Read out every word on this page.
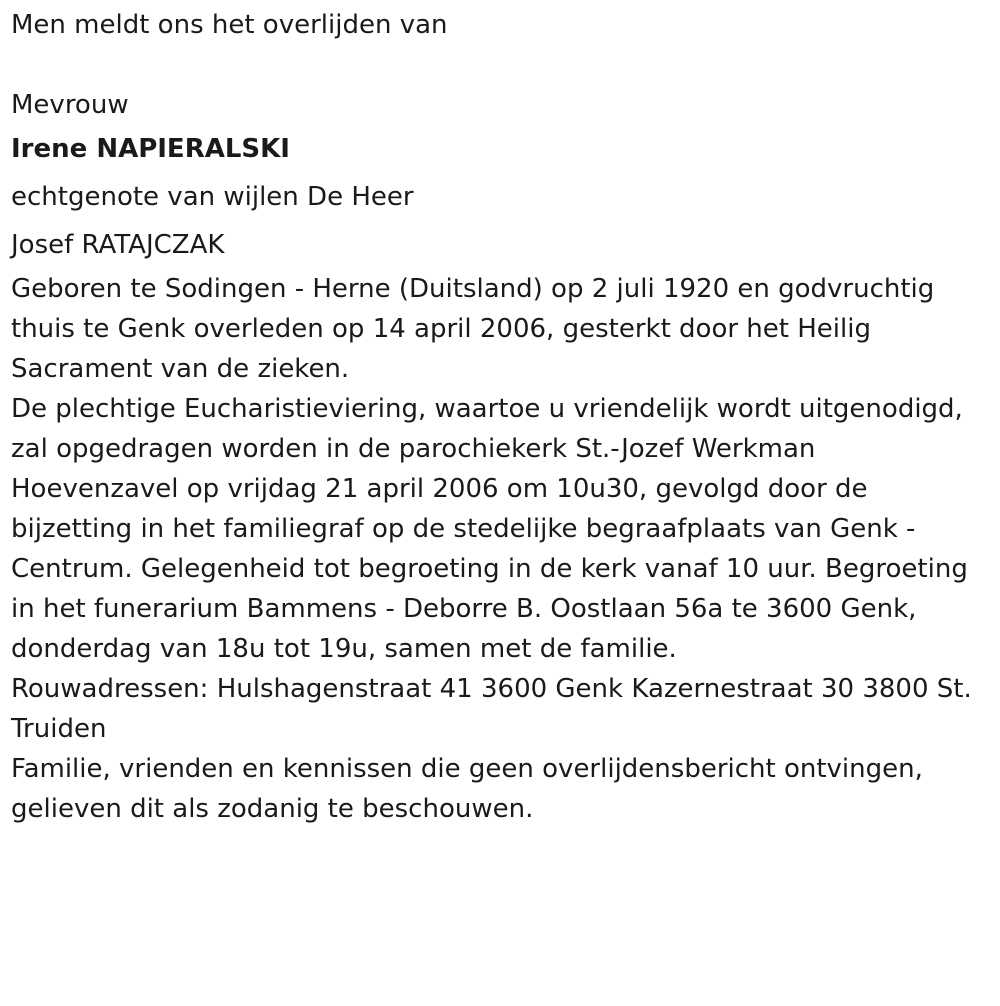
Men meldt ons het overlijden van
Mevrouw
Irene NAPIERALSKI
echtgenote van wijlen De Heer
Josef RATAJCZAK
Geboren te Sodingen - Herne (Duitsland) op 2 juli 1920 en godvruchtig
thuis te Genk overleden op 14 april 2006, gesterkt door het Heilig
Sacrament van de zieken.
De plechtige Eucharistieviering, waartoe u vriendelijk wordt uitgenodigd,
zal opgedragen worden in de parochiekerk St.-Jozef Werkman
Hoevenzavel op vrijdag 21 april 2006 om 10u30, gevolgd door de
bijzetting in het familiegraf op de stedelijke begraafplaats van Genk -
Centrum. Gelegenheid tot begroeting in de kerk vanaf 10 uur. Begroeting
in het funerarium Bammens - Deborre B. Oostlaan 56a te 3600 Genk,
donderdag van 18u tot 19u, samen met de familie.
Rouwadressen: Hulshagenstraat 41 3600 Genk Kazernestraat 30 3800 St.
Truiden
Familie, vrienden en kennissen die geen overlijdensbericht ontvingen,
gelieven dit als zodanig te beschouwen.
